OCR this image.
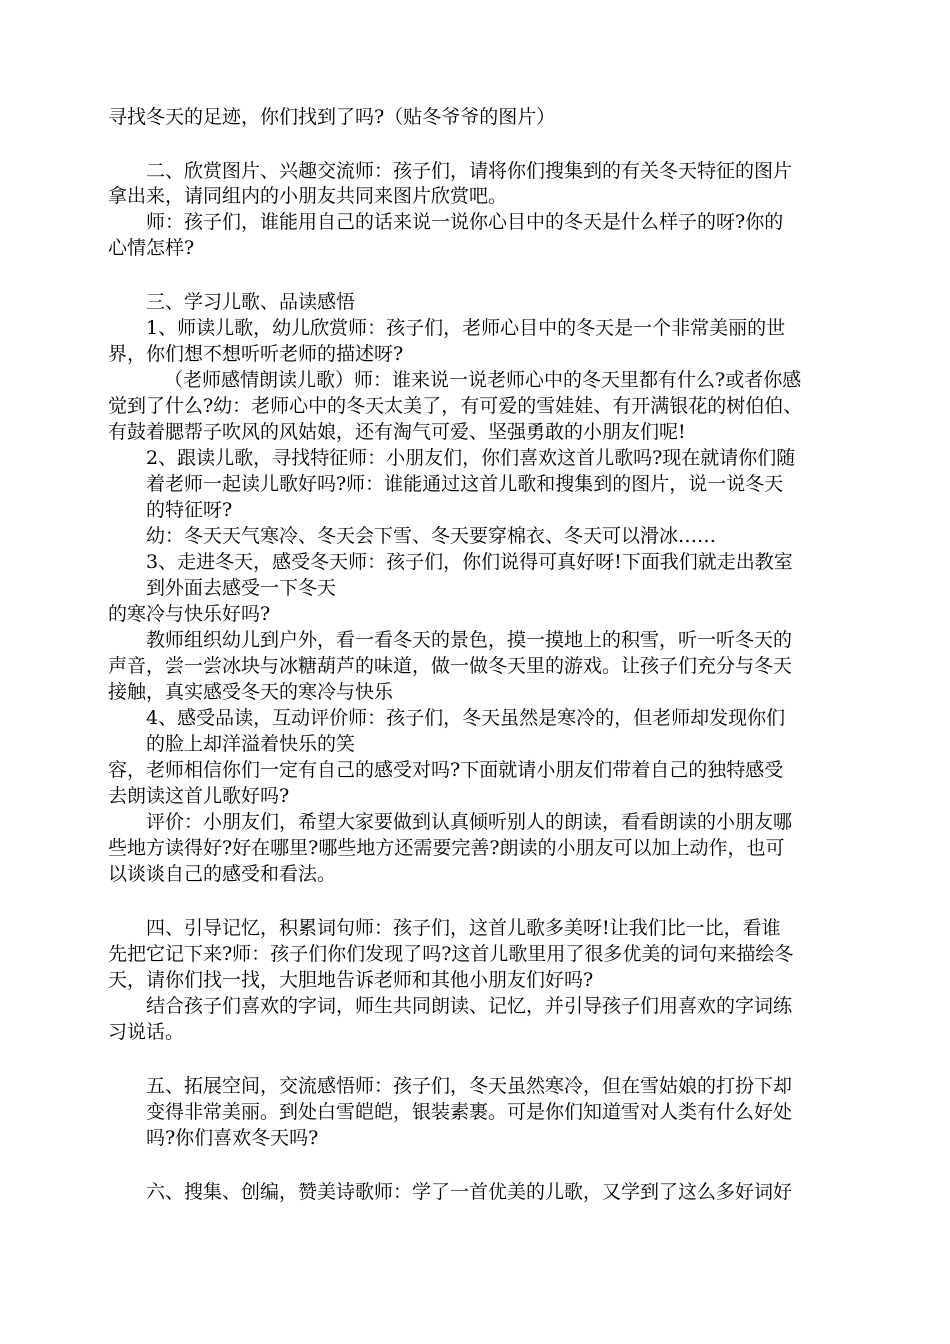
寻找冬天的足迹，你们找到了吗?（贴冬爷爷的图片）
二、欣赏图片、兴趣交流师：孩子们，请将你们搜集到的有关冬天特征的图片
拿出来，请同组内的小朋友共同来图片欣赏吧。
师：孩子们，谁能用自己的话来说一说你心目中的冬天是什么样子的呀?你的
心情怎样?
三、学习儿歌、品读感悟
1、师读儿歌，幼儿欣赏师：孩子们，老师心目中的冬天是一个非常美丽的世
界，你们想不想听听老师的描述呀?
（老师感情朗读儿歌）师：谁来说一说老师心中的冬天里都有什么?或者你感
觉到了什么?幼：老师心中的冬天太美了，有可爱的雪娃娃、有开满银花的树伯伯、
有鼓着腮帮子吹风的风姑娘，还有淘气可爱、坚强勇敢的小朋友们呢!
2、跟读儿歌，寻找特征师：小朋友们，你们喜欢这首儿歌吗?现在就请你们随
着老师一起读儿歌好吗?师：谁能通过这首儿歌和搜集到的图片，说一说冬天
的特征呀?
幼：冬天天气寒冷、冬天会下雪、冬天要穿棉衣、冬天可以滑冰……
3、走进冬天，感受冬天师：孩子们，你们说得可真好呀!下面我们就走出教室
到外面去感受一下冬天
的寒冷与快乐好吗?
教师组织幼儿到户外，看一看冬天的景色，摸一摸地上的积雪，听一听冬天的
声音，尝一尝冰块与冰糖葫芦的味道，做一做冬天里的游戏。让孩子们充分与冬天
接触，真实感受冬天的寒冷与快乐
4、感受品读，互动评价师：孩子们，冬天虽然是寒冷的，但老师却发现你们
的脸上却洋溢着快乐的笑
容，老师相信你们一定有自己的感受对吗?下面就请小朋友们带着自己的独特感受
去朗读这首儿歌好吗?
评价：小朋友们，希望大家要做到认真倾听别人的朗读，看看朗读的小朋友哪
些地方读得好?好在哪里?哪些地方还需要完善?朗读的小朋友可以加上动作，也可
以谈谈自己的感受和看法。
四、引导记忆，积累词句师：孩子们，这首儿歌多美呀!让我们比一比，看谁
先把它记下来?师：孩子们你们发现了吗?这首儿歌里用了很多优美的词句来描绘冬
天，请你们找一找，大胆地告诉老师和其他小朋友们好吗?
结合孩子们喜欢的字词，师生共同朗读、记忆，并引导孩子们用喜欢的字词练
习说话。
五、拓展空间，交流感悟师：孩子们，冬天虽然寒冷，但在雪姑娘的打扮下却
变得非常美丽。到处白雪皑皑，银装素裹。可是你们知道雪对人类有什么好处
吗?你们喜欢冬天吗?
六、搜集、创编，赞美诗歌师：学了一首优美的儿歌，又学到了这么多好词好
